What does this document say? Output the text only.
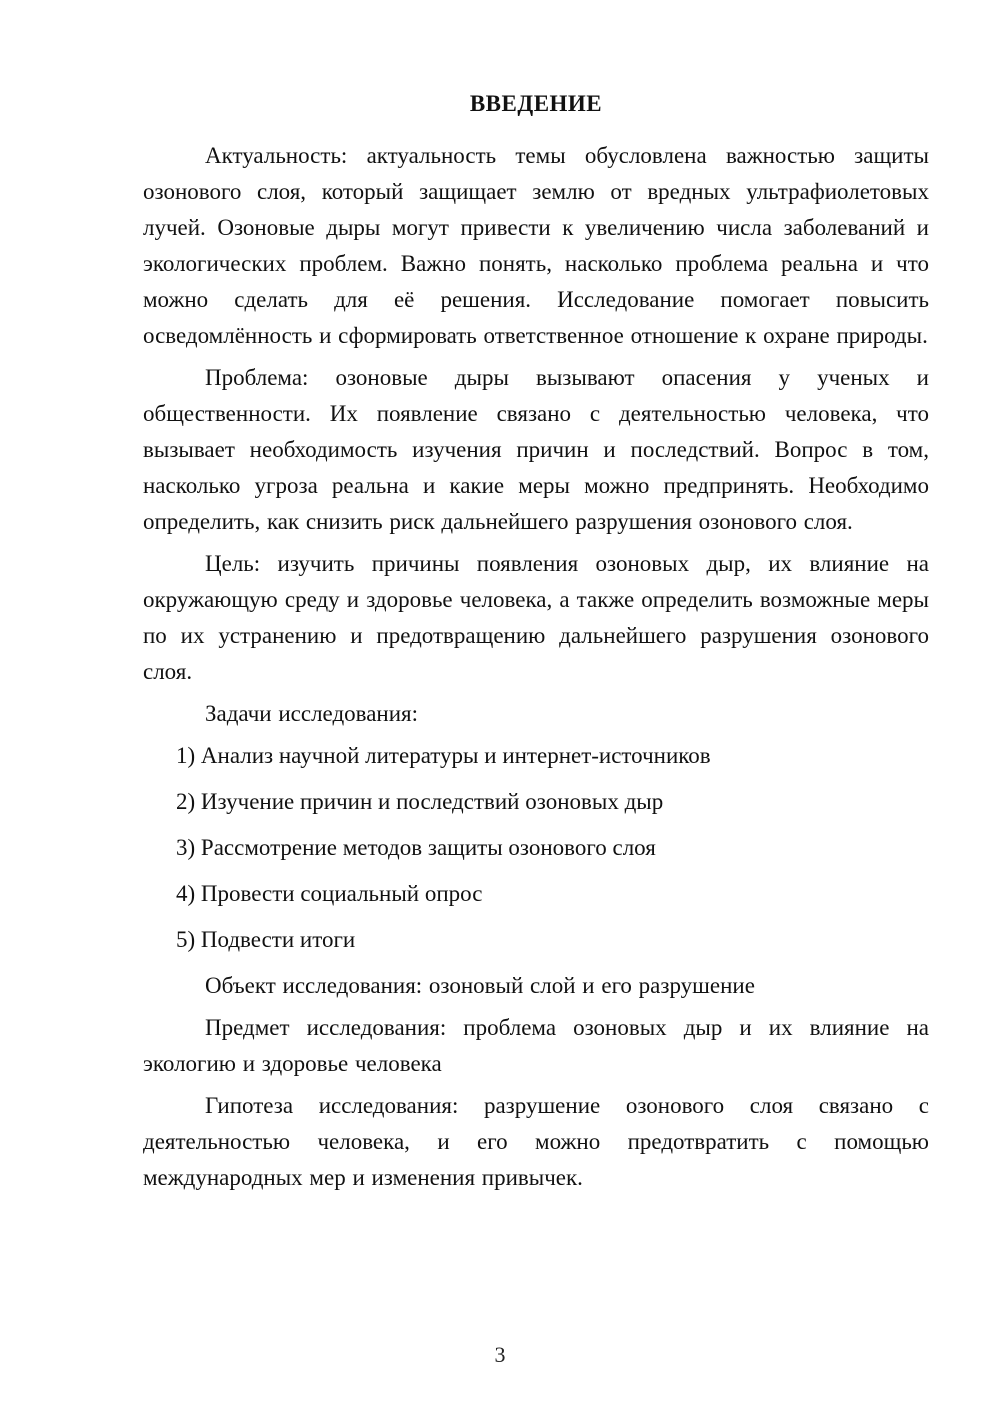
ВВЕДЕНИЕ

Актуальность: актуальность темы обусловлена важностью защиты озонового слоя, который защищает землю от вредных ультрафиолетовых лучей. Озоновые дыры могут привести к увеличению числа заболеваний и экологических проблем. Важно понять, насколько проблема реальна и что можно сделать для её решения. Исследование помогает повысить осведомлённость и сформировать ответственное отношение к охране природы.

Проблема: озоновые дыры вызывают опасения у ученых и общественности. Их появление связано с деятельностью человека, что вызывает необходимость изучения причин и последствий. Вопрос в том, насколько угроза реальна и какие меры можно предпринять. Необходимо определить, как снизить риск дальнейшего разрушения озонового слоя.

Цель: изучить причины появления озоновых дыр, их влияние на окружающую среду и здоровье человека, а также определить возможные меры по их устранению и предотвращению дальнейшего разрушения озонового слоя.

Задачи исследования:

1) Анализ научной литературы и интернет-источников
2) Изучение причин и последствий озоновых дыр
3) Рассмотрение методов защиты озонового слоя
4) Провести социальный опрос
5) Подвести итоги

Объект исследования: озоновый слой и его разрушение

Предмет исследования: проблема озоновых дыр и их влияние на экологию и здоровье человека

Гипотеза исследования: разрушение озонового слоя связано с деятельностью человека, и его можно предотвратить с помощью международных мер и изменения привычек.

3
